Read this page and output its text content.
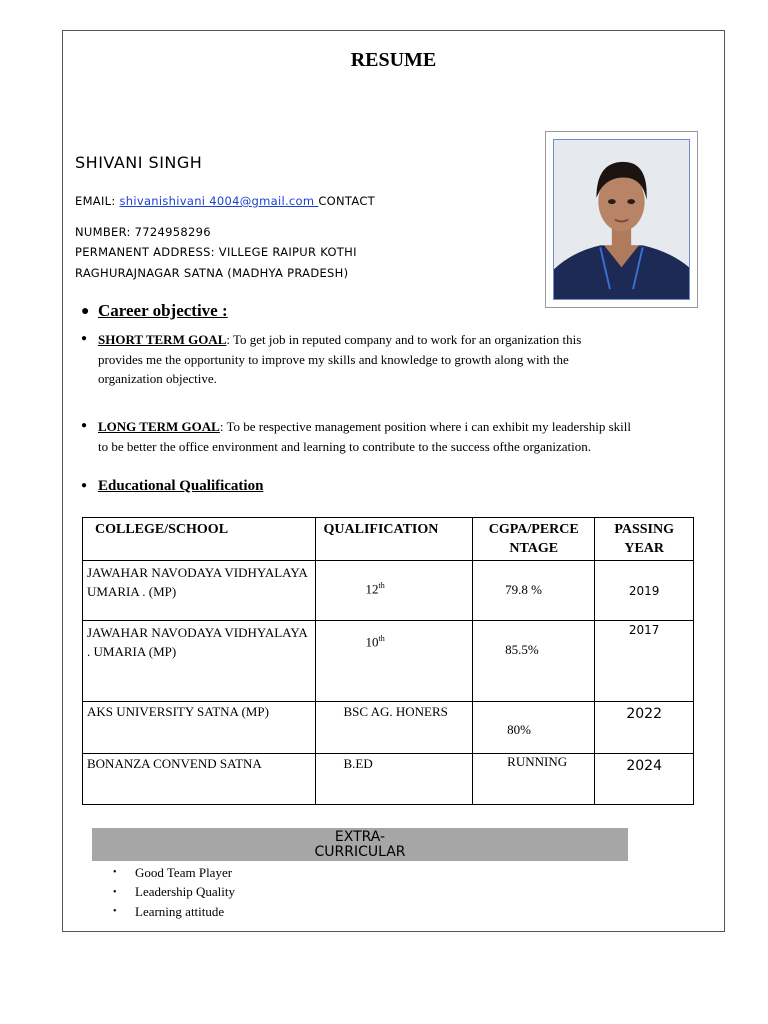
RESUME
SHIVANI SINGH
EMAIL: shivanishivani 4004@gmail.com CONTACT
NUMBER: 7724958296
PERMANENT ADDRESS: VILLEGE RAIPUR KOTHI
RAGHURAJNAGAR SATNA (MADHYA PRADESH)
● Career objective :
● SHORT TERM GOAL: To get job in reputed company and to work for an organization this provides me the opportunity to improve my skills and knowledge to growth along with the organization objective.
● LONG TERM GOAL: To be respective management position where i can exhibit my leadership skill to be better the office environment and learning to contribute to the success ofthe organization.
● Educational Qualification
COLLEGE/SCHOOL	QUALIFICATION	CGPA/PERCE NTAGE	PASSING YEAR
JAWAHAR NAVODAYA VIDHYALAYA UMARIA . (MP)	12th	79.8 %	2019
JAWAHAR NAVODAYA VIDHYALAYA . UMARIA (MP)	10th	85.5%	2017
AKS UNIVERSITY SATNA (MP)	BSC AG. HONERS	80%	2022
BONANZA CONVEND SATNA	B.ED	RUNNING	2024
EXTRA-
CURRICULAR
•	Good Team Player
•	Leadership Quality
•	Learning attitude
